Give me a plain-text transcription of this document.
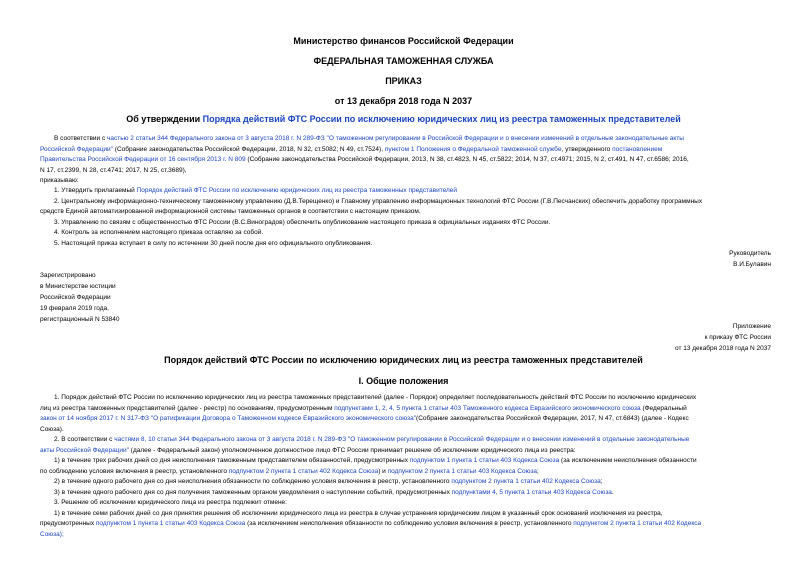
Министерство финансов Российской Федерации
ФЕДЕРАЛЬНАЯ ТАМОЖЕННАЯ СЛУЖБА
ПРИКАЗ
от 13 декабря 2018 года N 2037
Об утверждении Порядка действий ФТС России по исключению юридических лиц из реестра таможенных представителей
В соответствии с частью 2 статьи 344 Федерального закона от 3 августа 2018 г. N 289-ФЗ "О таможенном регулировании в Российской Федерации и о внесении изменений в отдельные законодательные акты
Российской Федерации" (Собрание законодательства Российской Федерации, 2018, N 32, ст.5082; N 49, ст.7524), пунктом 1 Положения о Федеральной таможенной службе, утвержденного постановлением
Правительства Российской Федерации от 16 сентября 2013 г. N 809 (Собрание законодательства Российской Федерации, 2013, N 38, ст.4823, N 45, ст.5822; 2014, N 37, ст.4971; 2015, N 2, ст.491, N 47, ст.6586; 2016,
N 17, ст.2399, N 28, ст.4741; 2017, N 25, ст.3689),
приказываю:
1. Утвердить прилагаемый Порядок действий ФТС России по исключению юридических лиц из реестра таможенных представителей
2. Центральному информационно-техническому таможенному управлению (Д.В.Терещенко) и Главному управлению информационных технологий ФТС России (Г.В.Песчанских) обеспечить доработку программных
средств Единой автоматизированной информационной системы таможенных органов в соответствии с настоящим приказом.
3. Управлению по связям с общественностью ФТС России (В.С.Виноградов) обеспечить опубликование настоящего приказа в официальных изданиях ФТС России.
4. Контроль за исполнением настоящего приказа оставляю за собой.
5. Настоящий приказ вступает в силу по истечении 30 дней после дня его официального опубликования.
Руководитель
В.И.Булавин
Зарегистрировано
в Министерстве юстиции
Российской Федерации
19 февраля 2019 года,
регистрационный N 53840
Приложение
к приказу ФТС России
от 13 декабря 2018 года N 2037
Порядок действий ФТС России по исключению юридических лиц из реестра таможенных представителей
I. Общие положения
1. Порядок действий ФТС России по исключению юридических лиц из реестра таможенных представителей (далее - Порядок) определяет последовательность действий ФТС России по исключению юридических
лиц из реестра таможенных представителей (далее - реестр) по основаниям, предусмотренным подпунктами 1, 2, 4, 5 пункта 1 статьи 403 Таможенного кодекса Евразийского экономического союза (Федеральный
закон от 14 ноября 2017 г. N 317-ФЗ "О ратификации Договора о Таможенном кодексе Евразийского экономического союза"(Собрание законодательства Российской Федерации, 2017, N 47, ст.6843) (далее - Кодекс
Союза).
2. В соответствии с частями 8, 10 статьи 344 Федерального закона от 3 августа 2018 г. N 289-ФЗ "О таможенном регулировании в Российской Федерации и о внесении изменений в отдельные законодательные
акты Российской Федерации" (далее - Федеральный закон) уполномоченное должностное лицо ФТС России принимает решение об исключении юридического лица из реестра:
1) в течение трех рабочих дней со дня неисполнения таможенным представителем обязанностей, предусмотренных подпунктом 1 пункта 1 статьи 403 Кодекса Союза (за исключением неисполнения обязанности
по соблюдению условия включения в реестр, установленного подпунктом 2 пункта 1 статьи 402 Кодекса Союза) и подпунктом 2 пункта 1 статьи 403 Кодекса Союза;
2) в течение одного рабочего дня со дня неисполнения обязанности по соблюдению условия включения в реестр, установленного подпунктом 2 пункта 1 статьи 402 Кодекса Союза;
3) в течение одного рабочего дня со дня получения таможенным органом уведомления о наступлении событий, предусмотренных подпунктами 4, 5 пункта 1 статьи 403 Кодекса Союза.
3. Решение об исключении юридического лица из реестра подлежит отмене:
1) в течение семи рабочих дней со дня принятия решения об исключении юридического лица из реестра в случае устранения юридическим лицом в указанный срок оснований исключения из реестра,
предусмотренных подпунктом 1 пункта 1 статьи 403 Кодекса Союза (за исключением неисполнения обязанности по соблюдению условия включения в реестр, установленного подпунктом 2 пункта 1 статьи 402 Кодекса
Союза);
